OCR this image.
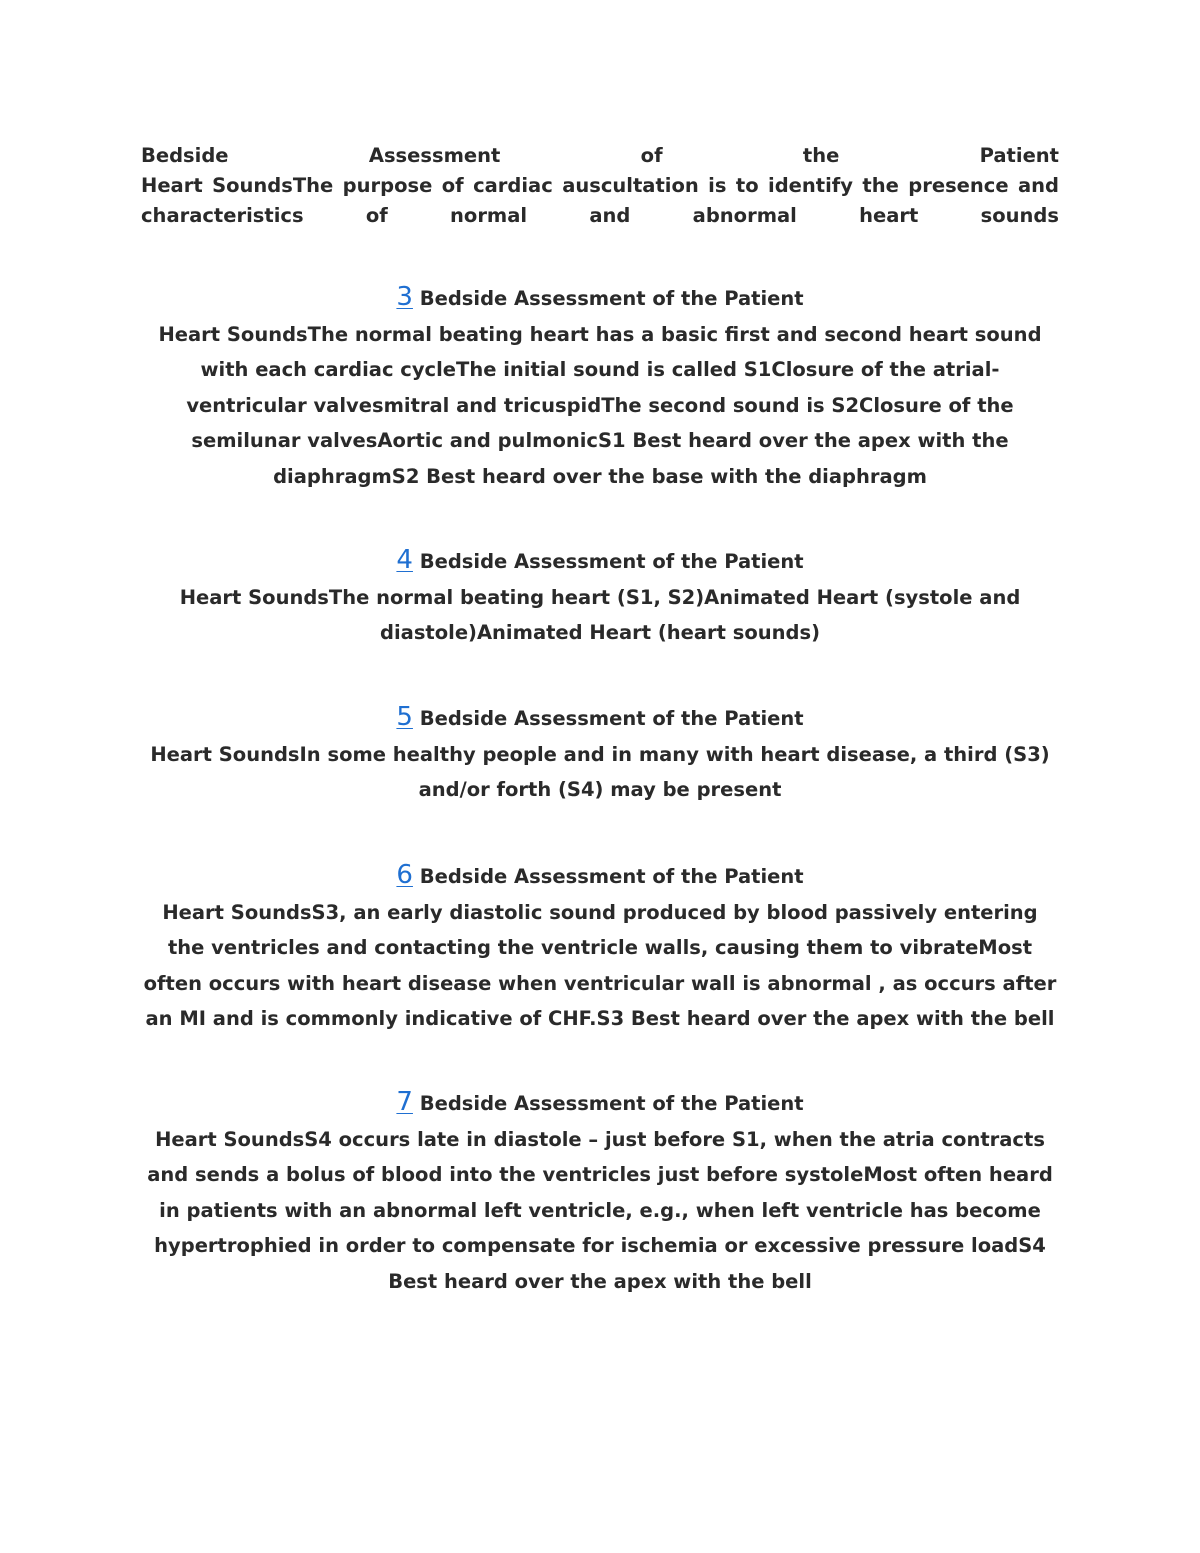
Bedside Assessment of the Patient
Heart SoundsThe purpose of cardiac auscultation is to identify the presence and characteristics of normal and abnormal heart sounds
3 Bedside Assessment of the Patient
Heart SoundsThe normal beating heart has a basic first and second heart sound with each cardiac cycleThe initial sound is called S1Closure of the atrial-ventricular valvesmitral and tricuspidThe second sound is S2Closure of the semilunar valvesAortic and pulmonicS1 Best heard over the apex with the diaphragmS2 Best heard over the base with the diaphragm
4 Bedside Assessment of the Patient
Heart SoundsThe normal beating heart (S1, S2)Animated Heart (systole and diastole)Animated Heart (heart sounds)
5 Bedside Assessment of the Patient
Heart SoundsIn some healthy people and in many with heart disease, a third (S3) and/or forth (S4) may be present
6 Bedside Assessment of the Patient
Heart SoundsS3, an early diastolic sound produced by blood passively entering the ventricles and contacting the ventricle walls, causing them to vibrateMost often occurs with heart disease when ventricular wall is abnormal , as occurs after an MI and is commonly indicative of CHF.S3 Best heard over the apex with the bell
7 Bedside Assessment of the Patient
Heart SoundsS4 occurs late in diastole – just before S1, when the atria contracts and sends a bolus of blood into the ventricles just before systoleMost often heard in patients with an abnormal left ventricle, e.g., when left ventricle has become hypertrophied in order to compensate for ischemia or excessive pressure loadS4 Best heard over the apex with the bell
